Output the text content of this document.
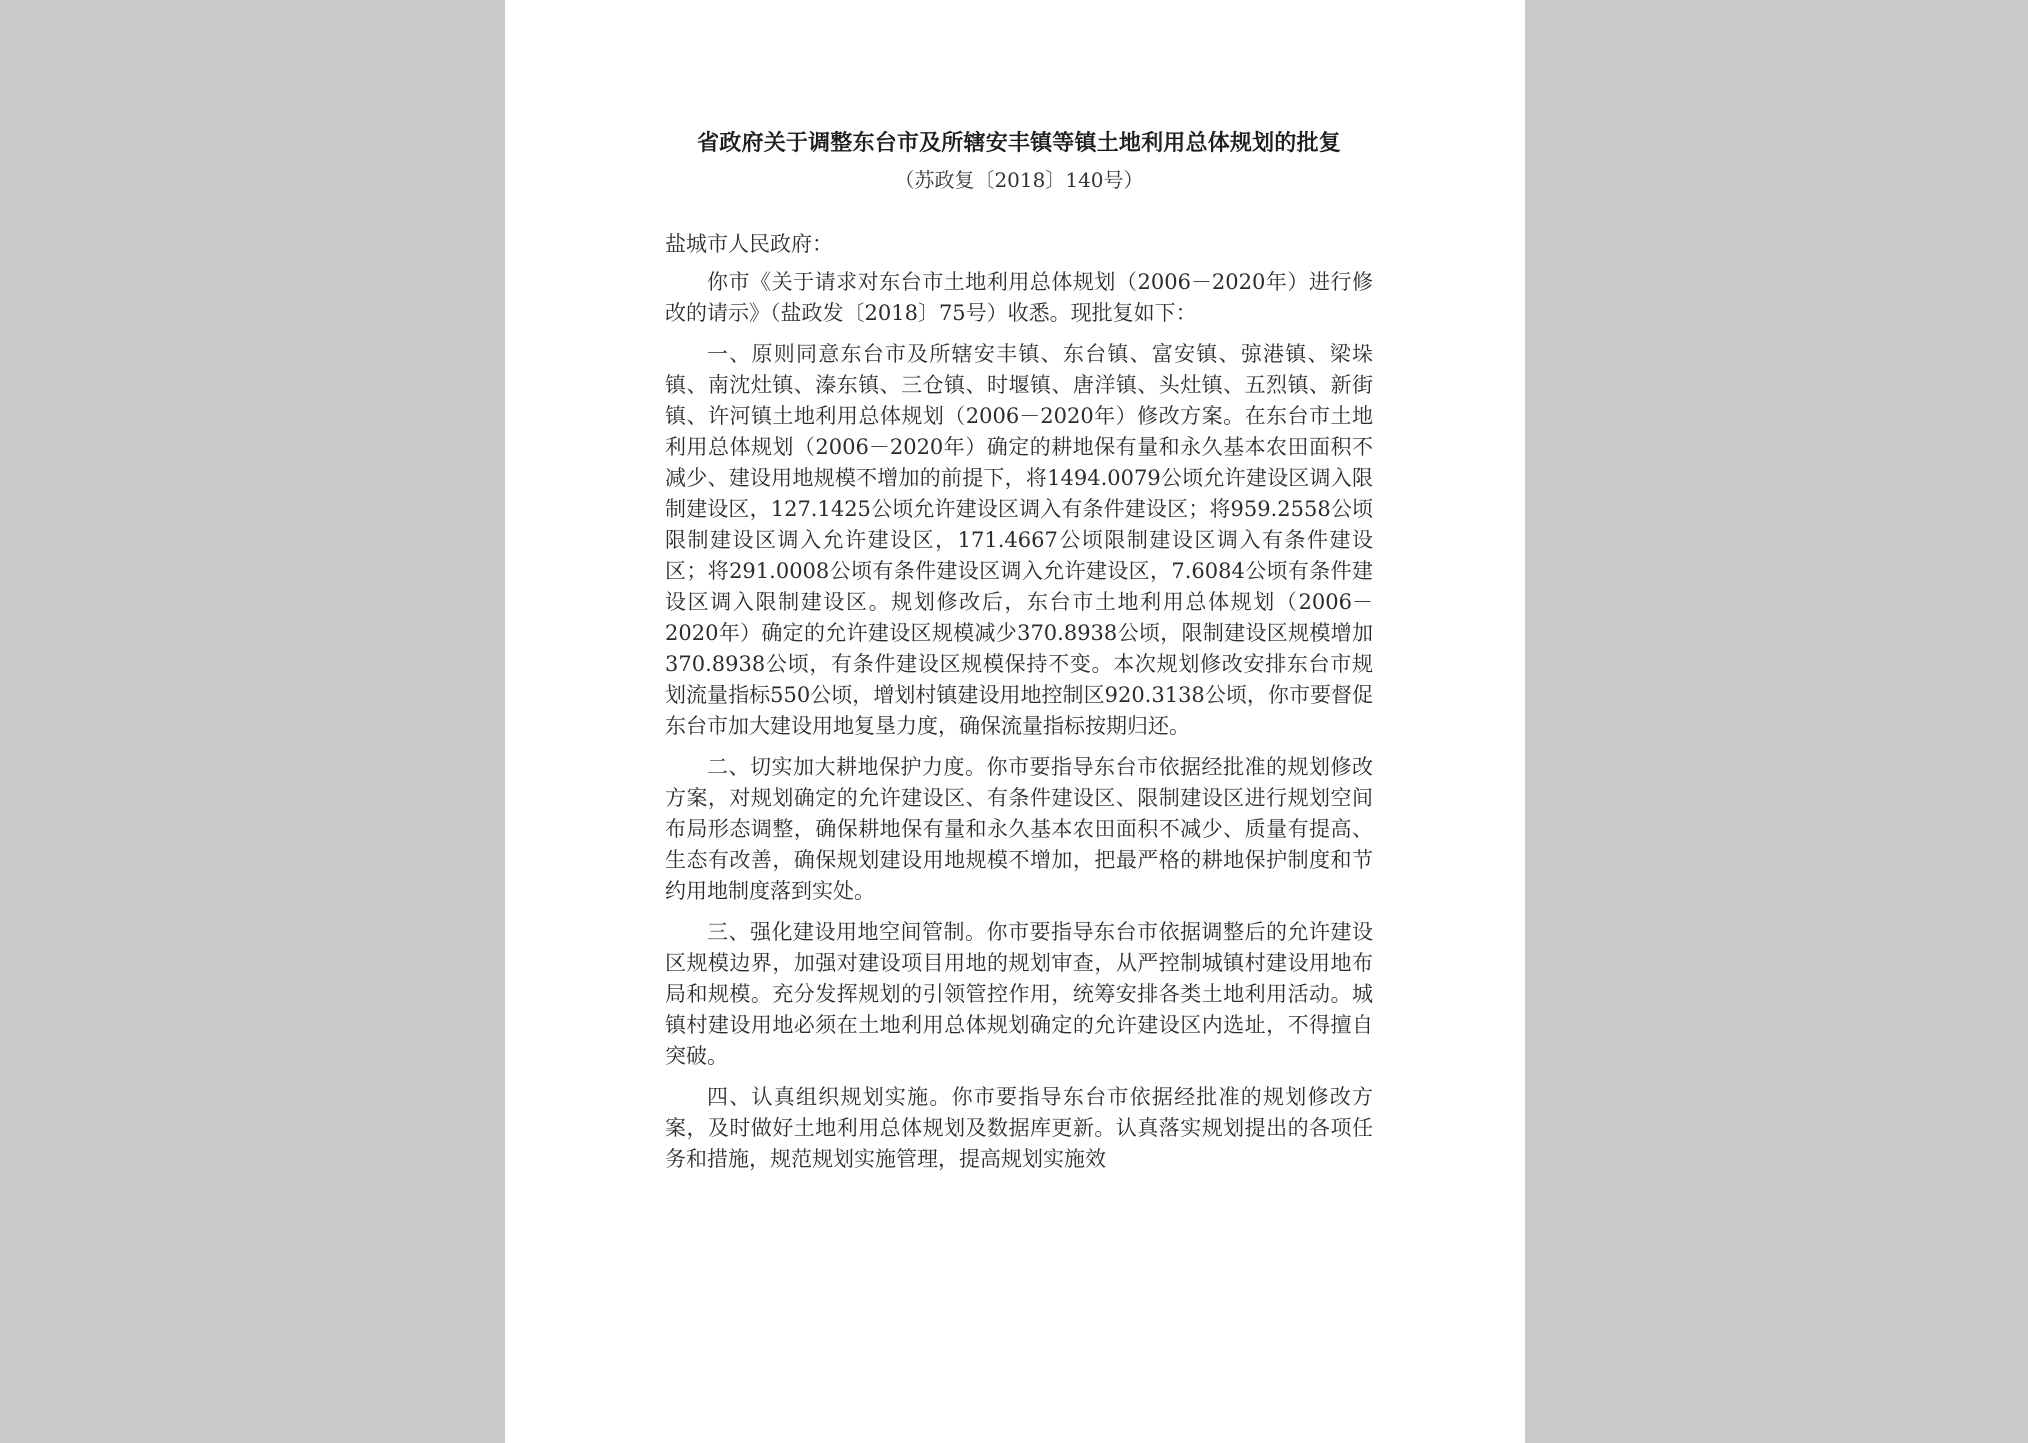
省政府关于调整东台市及所辖安丰镇等镇土地利用总体规划的批复
（苏政复〔2018〕140号）
盐城市人民政府：

你市《关于请求对东台市土地利用总体规划（2006－2020年）进行修改的请示》（盐政发〔2018〕75号）收悉。现批复如下：

一、原则同意东台市及所辖安丰镇、东台镇、富安镇、弶港镇、梁垛镇、南沈灶镇、溱东镇、三仓镇、时堰镇、唐洋镇、头灶镇、五烈镇、新街镇、许河镇土地利用总体规划（2006－2020年）修改方案。在东台市土地利用总体规划（2006－2020年）确定的耕地保有量和永久基本农田面积不减少、建设用地规模不增加的前提下，将1494.0079公顷允许建设区调入限制建设区，127.1425公顷允许建设区调入有条件建设区；将959.2558公顷限制建设区调入允许建设区，171.4667公顷限制建设区调入有条件建设区；将291.0008公顷有条件建设区调入允许建设区，7.6084公顷有条件建设区调入限制建设区。规划修改后，东台市土地利用总体规划（2006－2020年）确定的允许建设区规模减少370.8938公顷，限制建设区规模增加370.8938公顷，有条件建设区规模保持不变。本次规划修改安排东台市规划流量指标550公顷，增划村镇建设用地控制区920.3138公顷，你市要督促东台市加大建设用地复垦力度，确保流量指标按期归还。

二、切实加大耕地保护力度。你市要指导东台市依据经批准的规划修改方案，对规划确定的允许建设区、有条件建设区、限制建设区进行规划空间布局形态调整，确保耕地保有量和永久基本农田面积不减少、质量有提高、生态有改善，确保规划建设用地规模不增加，把最严格的耕地保护制度和节约用地制度落到实处。

三、强化建设用地空间管制。你市要指导东台市依据调整后的允许建设区规模边界，加强对建设项目用地的规划审查，从严控制城镇村建设用地布局和规模。充分发挥规划的引领管控作用，统筹安排各类土地利用活动。城镇村建设用地必须在土地利用总体规划确定的允许建设区内选址，不得擅自突破。

四、认真组织规划实施。你市要指导东台市依据经批准的规划修改方案，及时做好土地利用总体规划及数据库更新。认真落实规划提出的各项任务和措施，规范规划实施管理，提高规划实施效
